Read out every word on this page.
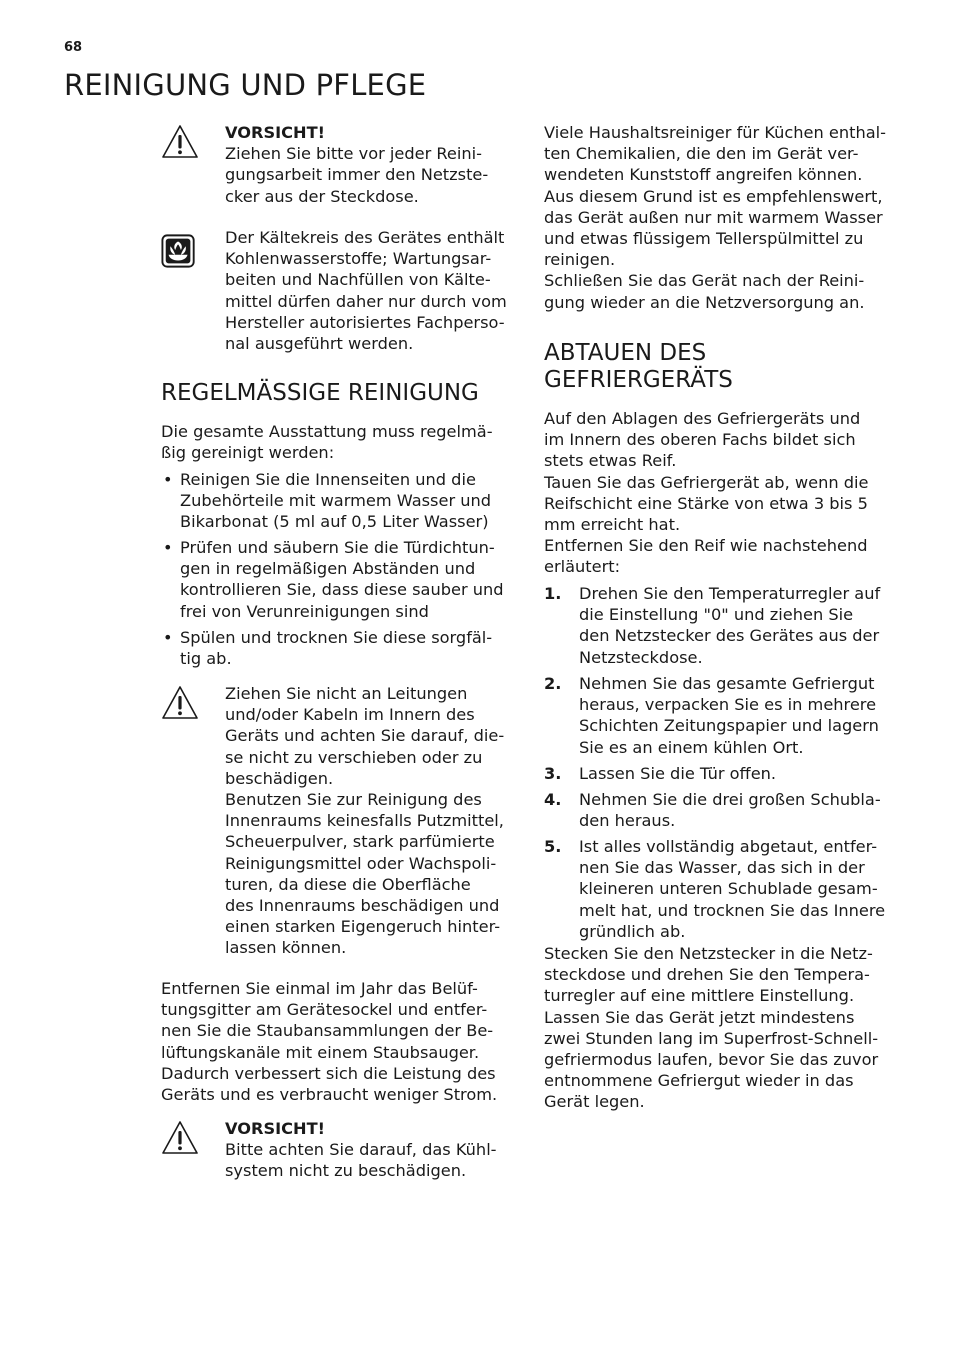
68
REINIGUNG UND PFLEGE
VORSICHT!
Ziehen Sie bitte vor jeder Reini-
gungsarbeit immer den Netzste-
cker aus der Steckdose.
Der Kältekreis des Gerätes enthält
Kohlenwasserstoffe; Wartungsar-
beiten und Nachfüllen von Kälte-
mittel dürfen daher nur durch vom
Hersteller autorisiertes Fachperso-
nal ausgeführt werden.
REGELMÄSSIGE REINIGUNG
Die gesamte Ausstattung muss regelmä-
ßig gereinigt werden:
• Reinigen Sie die Innenseiten und die
Zubehörteile mit warmem Wasser und
Bikarbonat (5 ml auf 0,5 Liter Wasser)
• Prüfen und säubern Sie die Türdichtun-
gen in regelmäßigen Abständen und
kontrollieren Sie, dass diese sauber und
frei von Verunreinigungen sind
• Spülen und trocknen Sie diese sorgfäl-
tig ab.
Ziehen Sie nicht an Leitungen
und/oder Kabeln im Innern des
Geräts und achten Sie darauf, die-
se nicht zu verschieben oder zu
beschädigen.
Benutzen Sie zur Reinigung des
Innenraums keinesfalls Putzmittel,
Scheuerpulver, stark parfümierte
Reinigungsmittel oder Wachspoli-
turen, da diese die Oberfläche
des Innenraums beschädigen und
einen starken Eigengeruch hinter-
lassen können.
Entfernen Sie einmal im Jahr das Belüf-
tungsgitter am Gerätesockel und entfer-
nen Sie die Staubansammlungen der Be-
lüftungskanäle mit einem Staubsauger.
Dadurch verbessert sich die Leistung des
Geräts und es verbraucht weniger Strom.
VORSICHT!
Bitte achten Sie darauf, das Kühl-
system nicht zu beschädigen.
Viele Haushaltsreiniger für Küchen enthal-
ten Chemikalien, die den im Gerät ver-
wendeten Kunststoff angreifen können.
Aus diesem Grund ist es empfehlenswert,
das Gerät außen nur mit warmem Wasser
und etwas flüssigem Tellerspülmittel zu
reinigen.
Schließen Sie das Gerät nach der Reini-
gung wieder an die Netzversorgung an.
ABTAUEN DES
GEFRIERGERÄTS
Auf den Ablagen des Gefriergeräts und
im Innern des oberen Fachs bildet sich
stets etwas Reif.
Tauen Sie das Gefriergerät ab, wenn die
Reifschicht eine Stärke von etwa 3 bis 5
mm erreicht hat.
Entfernen Sie den Reif wie nachstehend
erläutert:
1. Drehen Sie den Temperaturregler auf
die Einstellung "0" und ziehen Sie
den Netzstecker des Gerätes aus der
Netzsteckdose.
2. Nehmen Sie das gesamte Gefriergut
heraus, verpacken Sie es in mehrere
Schichten Zeitungspapier und lagern
Sie es an einem kühlen Ort.
3. Lassen Sie die Tür offen.
4. Nehmen Sie die drei großen Schubla-
den heraus.
5. Ist alles vollständig abgetaut, entfer-
nen Sie das Wasser, das sich in der
kleineren unteren Schublade gesam-
melt hat, und trocknen Sie das Innere
gründlich ab.
Stecken Sie den Netzstecker in die Netz-
steckdose und drehen Sie den Tempera-
turregler auf eine mittlere Einstellung.
Lassen Sie das Gerät jetzt mindestens
zwei Stunden lang im Superfrost-Schnell-
gefriermodus laufen, bevor Sie das zuvor
entnommene Gefriergut wieder in das
Gerät legen.
